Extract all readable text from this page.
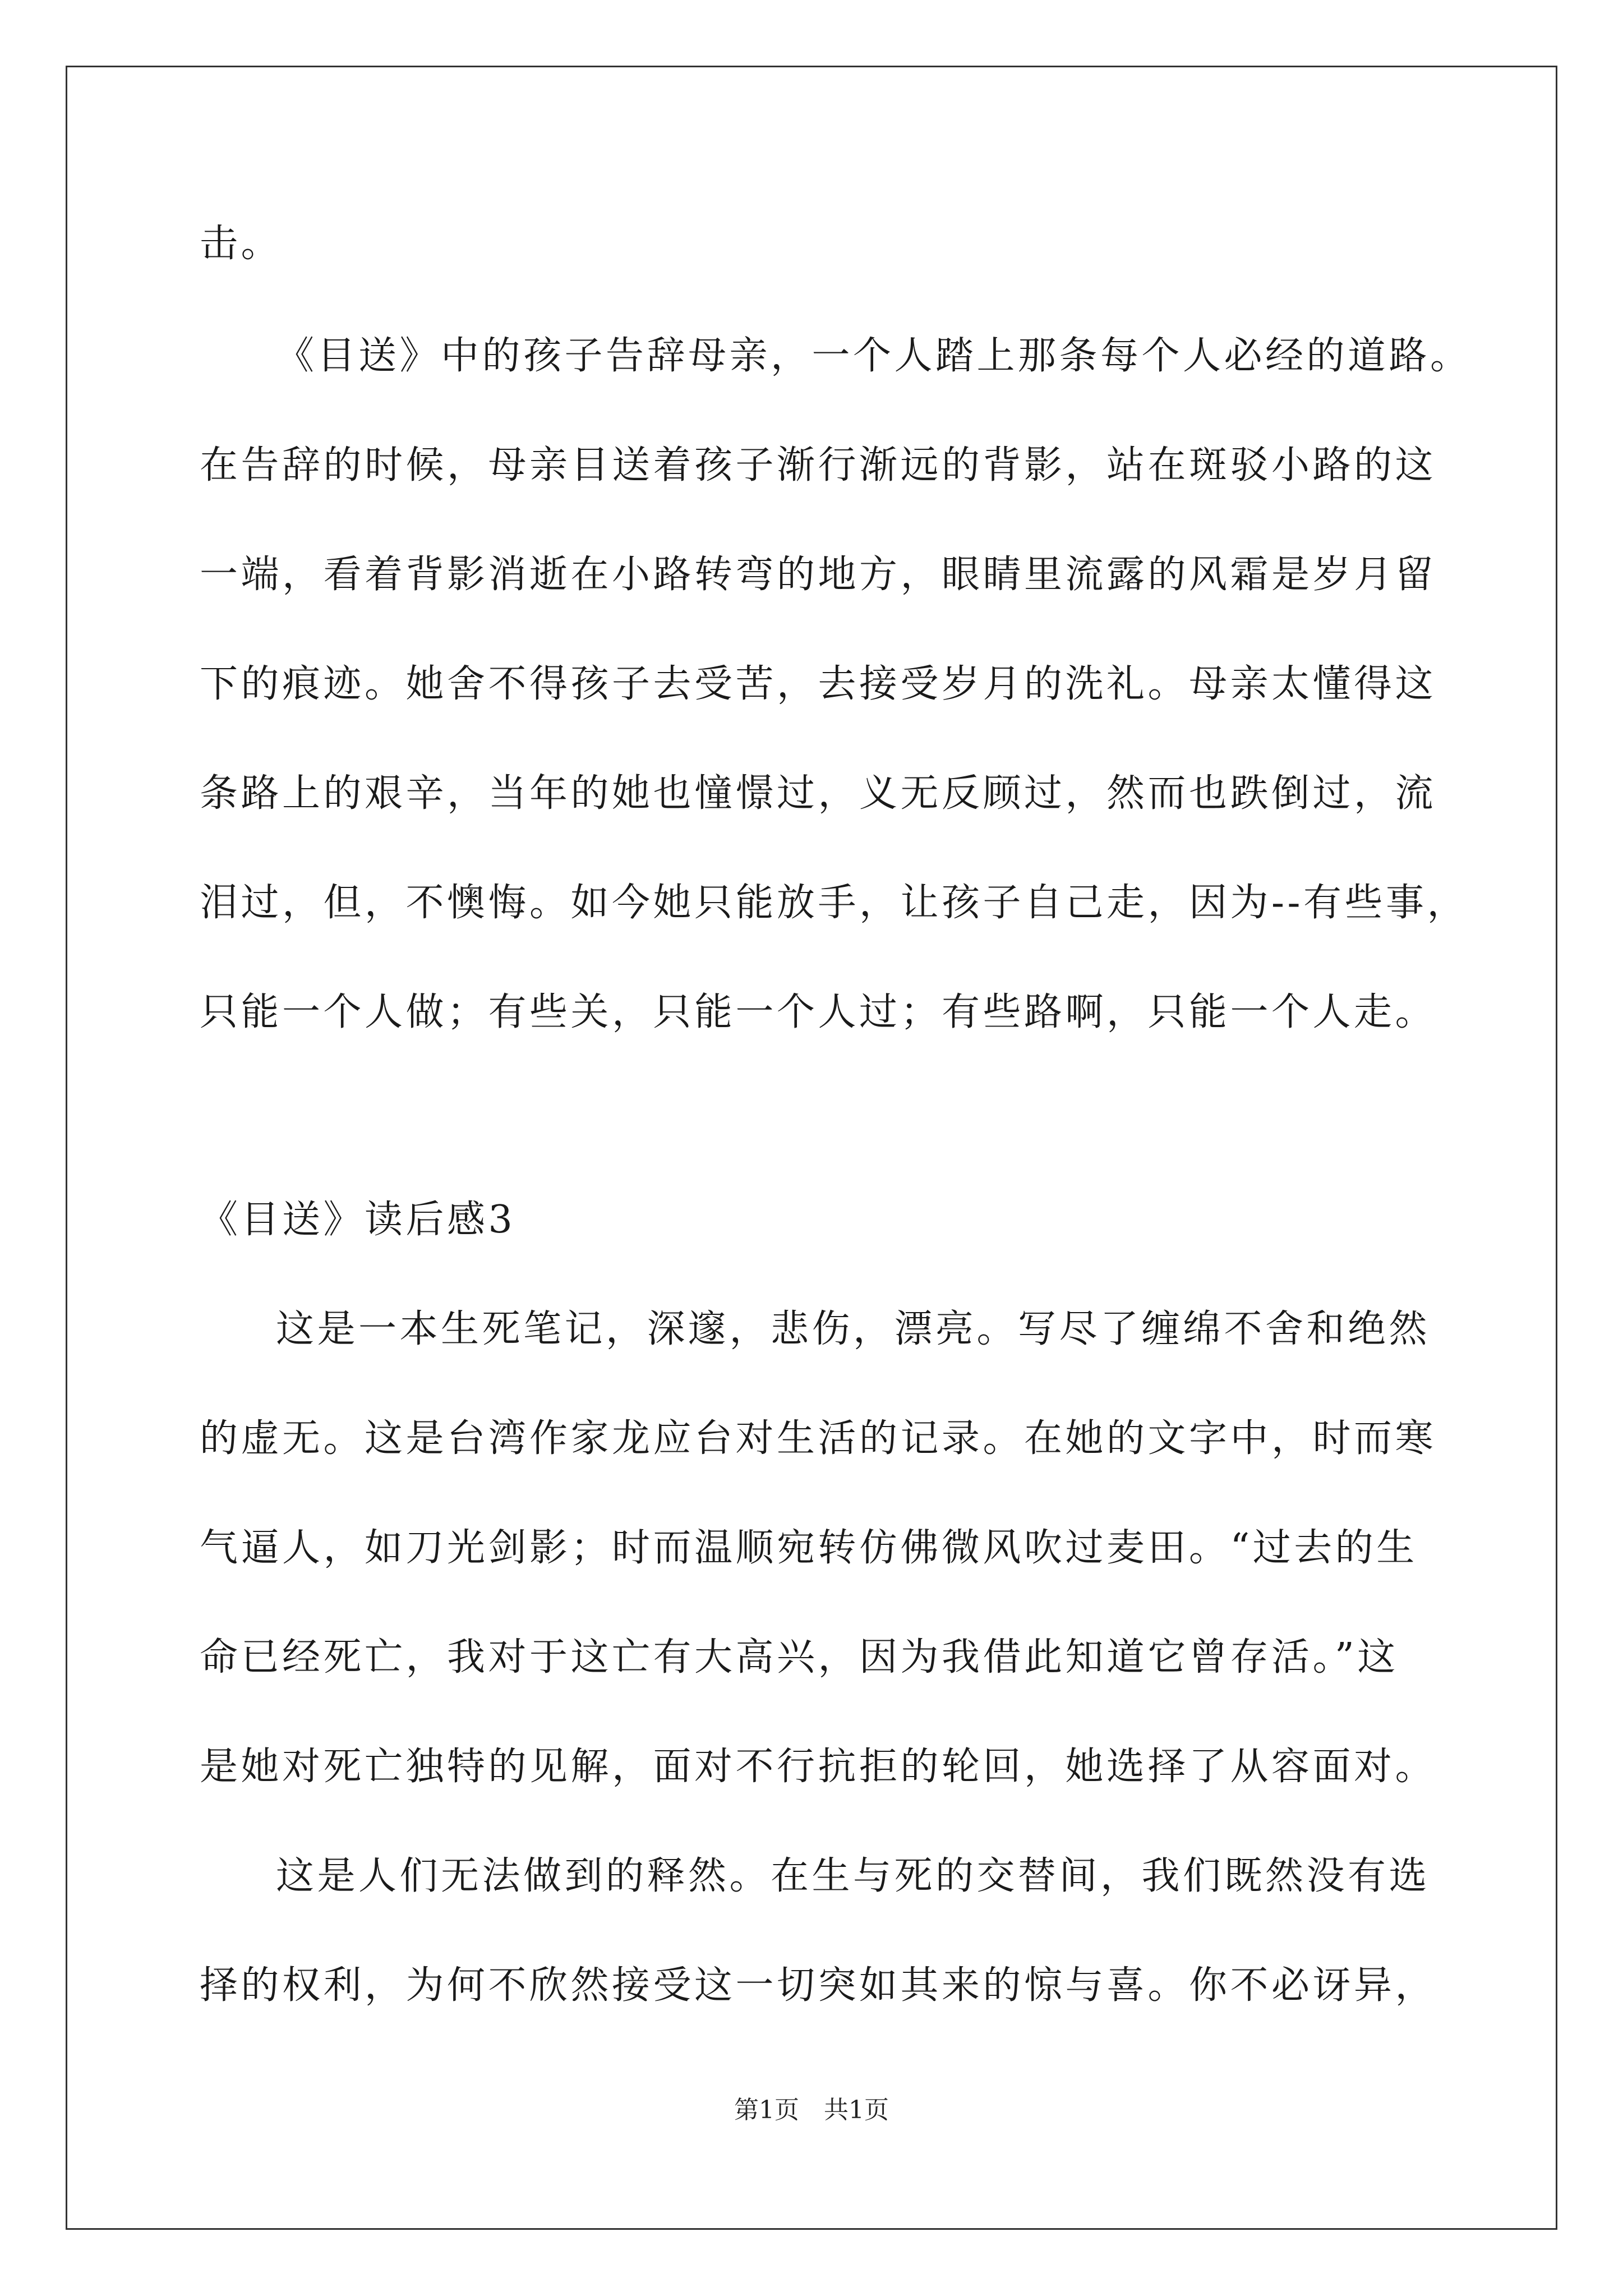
击。
《目送》中的孩子告辞母亲，一个人踏上那条每个人必经的道路。
在告辞的时候，母亲目送着孩子渐行渐远的背影，站在斑驳小路的这
一端，看着背影消逝在小路转弯的地方，眼睛里流露的风霜是岁月留
下的痕迹。她舍不得孩子去受苦，去接受岁月的洗礼。母亲太懂得这
条路上的艰辛，当年的她也憧憬过，义无反顾过，然而也跌倒过，流
泪过，但，不懊悔。如今她只能放手，让孩子自己走，因为--有些事，
只能一个人做；有些关，只能一个人过；有些路啊，只能一个人走。
《目送》读后感3
这是一本生死笔记，深邃，悲伤，漂亮。写尽了缠绵不舍和绝然
的虚无。这是台湾作家龙应台对生活的记录。在她的文字中，时而寒
气逼人，如刀光剑影；时而温顺宛转仿佛微风吹过麦田。“过去的生
命已经死亡，我对于这亡有大高兴，因为我借此知道它曾存活。”这
是她对死亡独特的见解，面对不行抗拒的轮回，她选择了从容面对。
这是人们无法做到的释然。在生与死的交替间，我们既然没有选
择的权利，为何不欣然接受这一切突如其来的惊与喜。你不必讶异，
第1页　共1页
